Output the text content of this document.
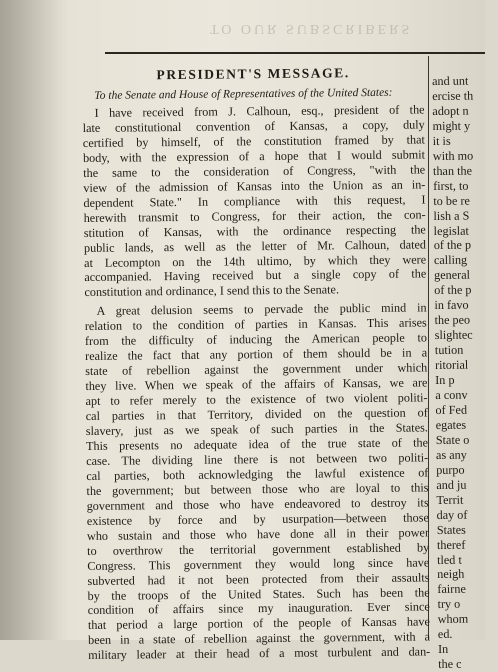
TO OUR SUBSCRIBERS
PRESIDENT'S MESSAGE.
To the Senate and House of Representatives of the United States:
I have received from J. Calhoun, esq., president of the
late constitutional convention of Kansas, a copy, duly
certified by himself, of the constitution framed by that
body, with the expression of a hope that I would submit
the same to the consideration of Congress, "with the
view of the admission of Kansas into the Union as an in-
dependent State." In compliance with this request, I
herewith transmit to Congress, for their action, the con-
stitution of Kansas, with the ordinance respecting the
public lands, as well as the letter of Mr. Calhoun, dated
at Lecompton on the 14th ultimo, by which they were
accompanied. Having received but a single copy of the
constitution and ordinance, I send this to the Senate.
A great delusion seems to pervade the public mind in
relation to the condition of parties in Kansas. This arises
from the difficulty of inducing the American people to
realize the fact that any portion of them should be in a
state of rebellion against the government under which
they live. When we speak of the affairs of Kansas, we are
apt to refer merely to the existence of two violent politi-
cal parties in that Territory, divided on the question of
slavery, just as we speak of such parties in the States.
This presents no adequate idea of the true state of the
case. The dividing line there is not between two politi-
cal parties, both acknowledging the lawful existence of
the government; but between those who are loyal to this
government and those who have endeavored to destroy its
existence by force and by usurpation—between those
who sustain and those who have done all in their power
to overthrow the territorial government established by
Congress. This government they would long since have
subverted had it not been protected from their assaults
by the troops of the United States. Such has been the
condition of affairs since my inauguration. Ever since
that period a large portion of the people of Kansas have
been in a state of rebellion against the government, with a
military leader at their head of a most turbulent and dan-
and unt
ercise th
adopt n
might y
it is
with mo
than the
first, to
to be re
lish a S
legislat
of the p
calling
general
of the p
in favo
the peo
slightec
tution
ritorial
In p
a conv
of Fed
egates
State o
as any
purpo
and ju
Territ
day of
States
theref
tled t
neigh
fairne
try o
whom
ed.
In
the c
